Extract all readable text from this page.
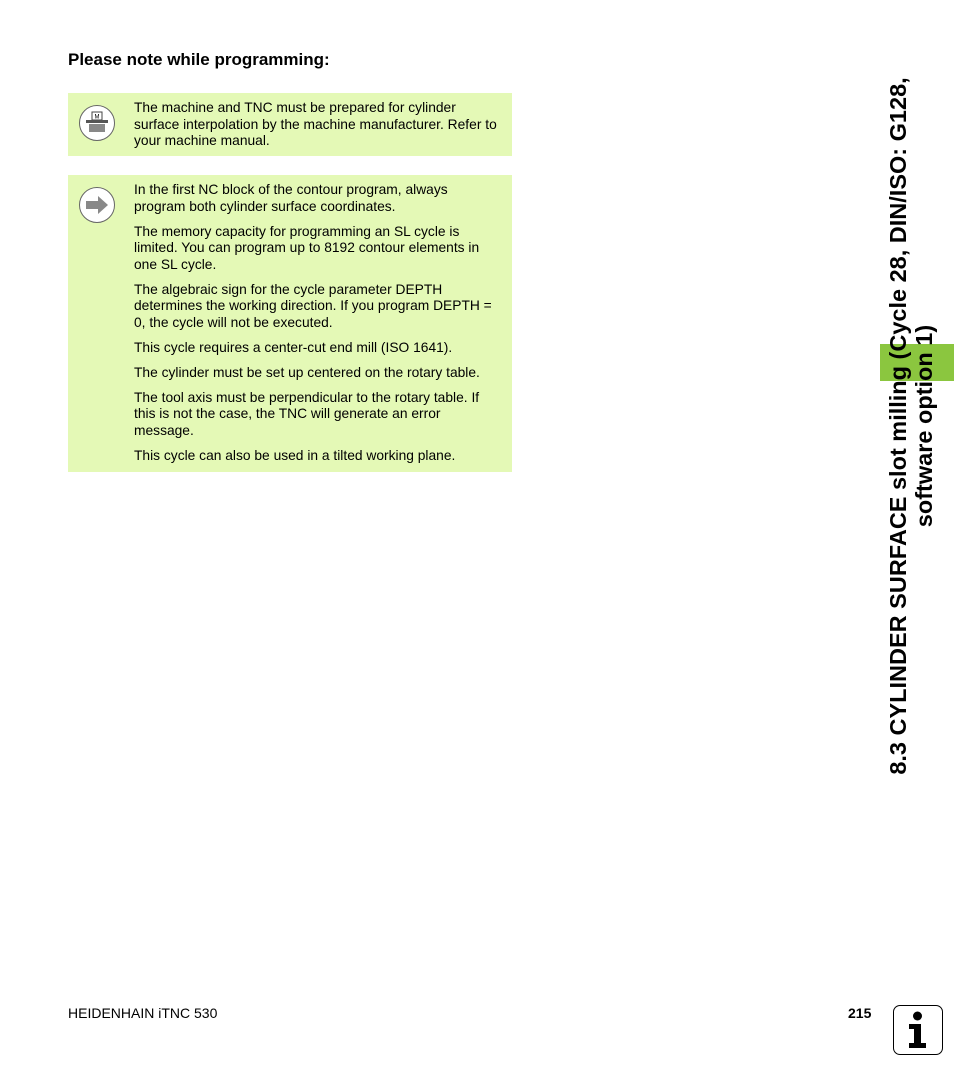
Please note while programming:
M

The machine and TNC must be prepared for cylinder surface interpolation by the machine manufacturer. Refer to your machine manual.

In the first NC block of the contour program, always program both cylinder surface coordinates.

The memory capacity for programming an SL cycle is limited. You can program up to 8192 contour elements in one SL cycle.

The algebraic sign for the cycle parameter DEPTH determines the working direction. If you program DEPTH = 0, the cycle will not be executed.

This cycle requires a center-cut end mill (ISO 1641).

The cylinder must be set up centered on the rotary table.

The tool axis must be perpendicular to the rotary table. If this is not the case, the TNC will generate an error message.

This cycle can also be used in a tilted working plane.	8.3 CYLINDER SURFACE slot milling (Cycle 28, DIN/ISO: G128, software option 1)
HEIDENHAIN iTNC 530	215
